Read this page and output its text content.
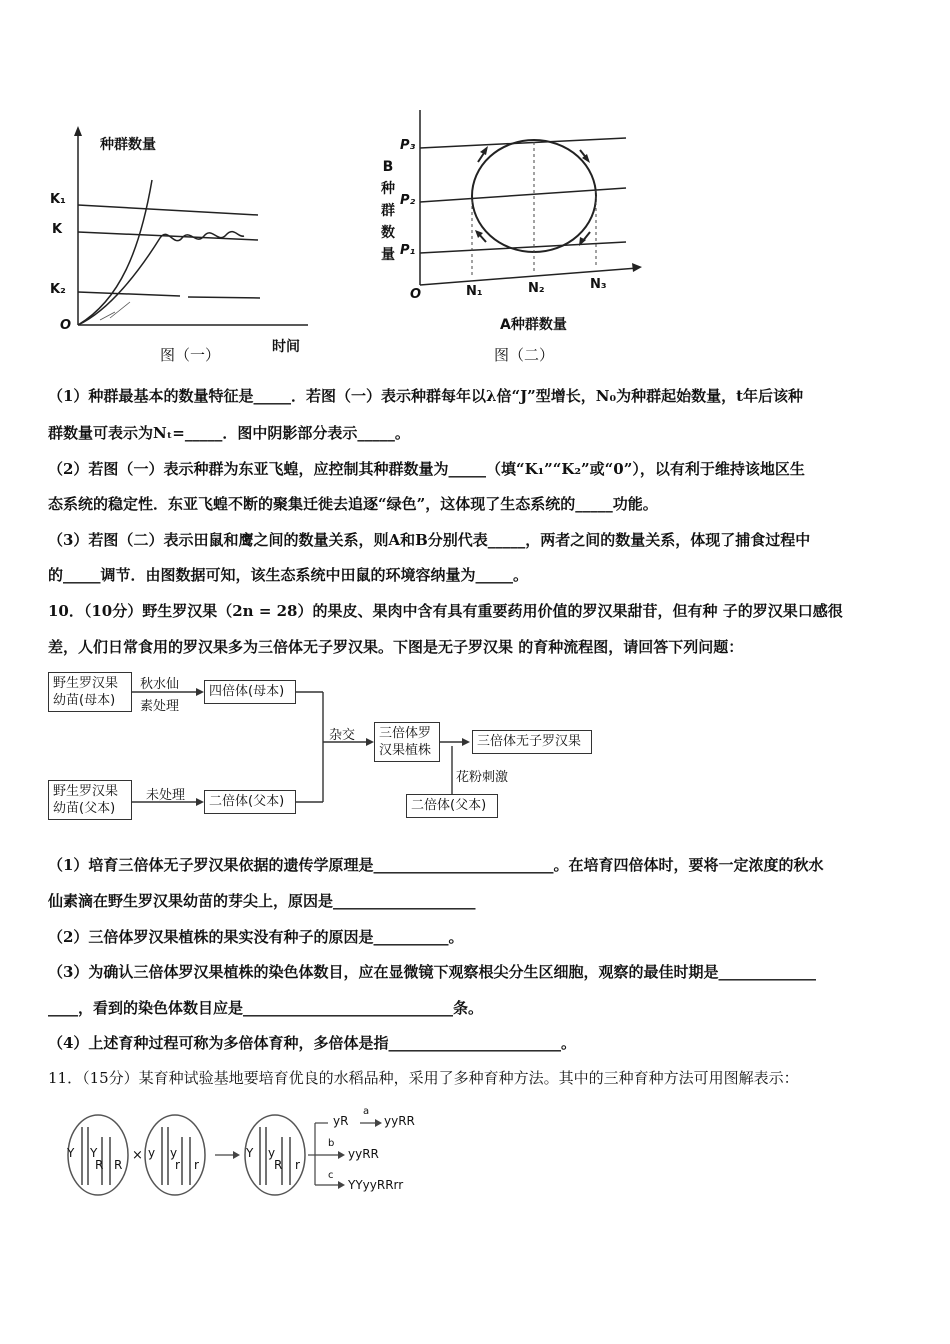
种群数量
K₁
K
K₂
O
时间
图（一）
B
种
群
数
量
P₃
P₂
P₁
O	N₁	N₂	N₃
A种群数量
图（二）
（1）种群最基本的数量特征是_____．若图（一）表示种群每年以λ倍“J”型增长，N₀为种群起始数量，t年后该种
群数量可表示为Nₜ=_____．图中阴影部分表示_____。
（2）若图（一）表示种群为东亚飞蝗，应控制其种群数量为_____（填“K₁”“K₂”或“0”），以有利于维持该地区生
态系统的稳定性．东亚飞蝗不断的聚集迁徙去追逐“绿色”，这体现了生态系统的_____功能。
（3）若图（二）表示田鼠和鹰之间的数量关系，则A和B分别代表_____，两者之间的数量关系，体现了捕食过程中
的_____调节．由图数据可知，该生态系统中田鼠的环境容纳量为_____。
10．（10分）野生罗汉果（2n = 28）的果皮、果肉中含有具有重要药用价值的罗汉果甜苷，但有种 子的罗汉果口感很
差，人们日常食用的罗汉果多为三倍体无子罗汉果。下图是无子罗汉果 的育种流程图，请回答下列问题：
野生罗汉果
幼苗(母本)
秋水仙
素处理
四倍体(母本)
杂交 三倍体罗
汉果植株
三倍体无子罗汉果
花粉刺激
野生罗汉果
幼苗(父本)
未处理	二倍体(父本)	二倍体(父本)
（1）培育三倍体无子罗汉果依据的遗传学原理是________________________。在培育四倍体时，要将一定浓度的秋水
仙素滴在野生罗汉果幼苗的芽尖上，原因是___________________
（2）三倍体罗汉果植株的果实没有种子的原因是__________。
（3）为确认三倍体罗汉果植株的染色体数目，应在显微镜下观察根尖分生区细胞，观察的最佳时期是_____________
____，看到的染色体数目应是____________________________条。
（4）上述育种过程可称为多倍体育种，多倍体是指_______________________。
11．（15分）某育种试验基地要培育优良的水稻品种，采用了多种育种方法。其中的三种育种方法可用图解表示：
Y Y
R R
× y y
r r
Y y
R r
yR
a
yyRR
b
yyRR
c
YYyyRRrr
